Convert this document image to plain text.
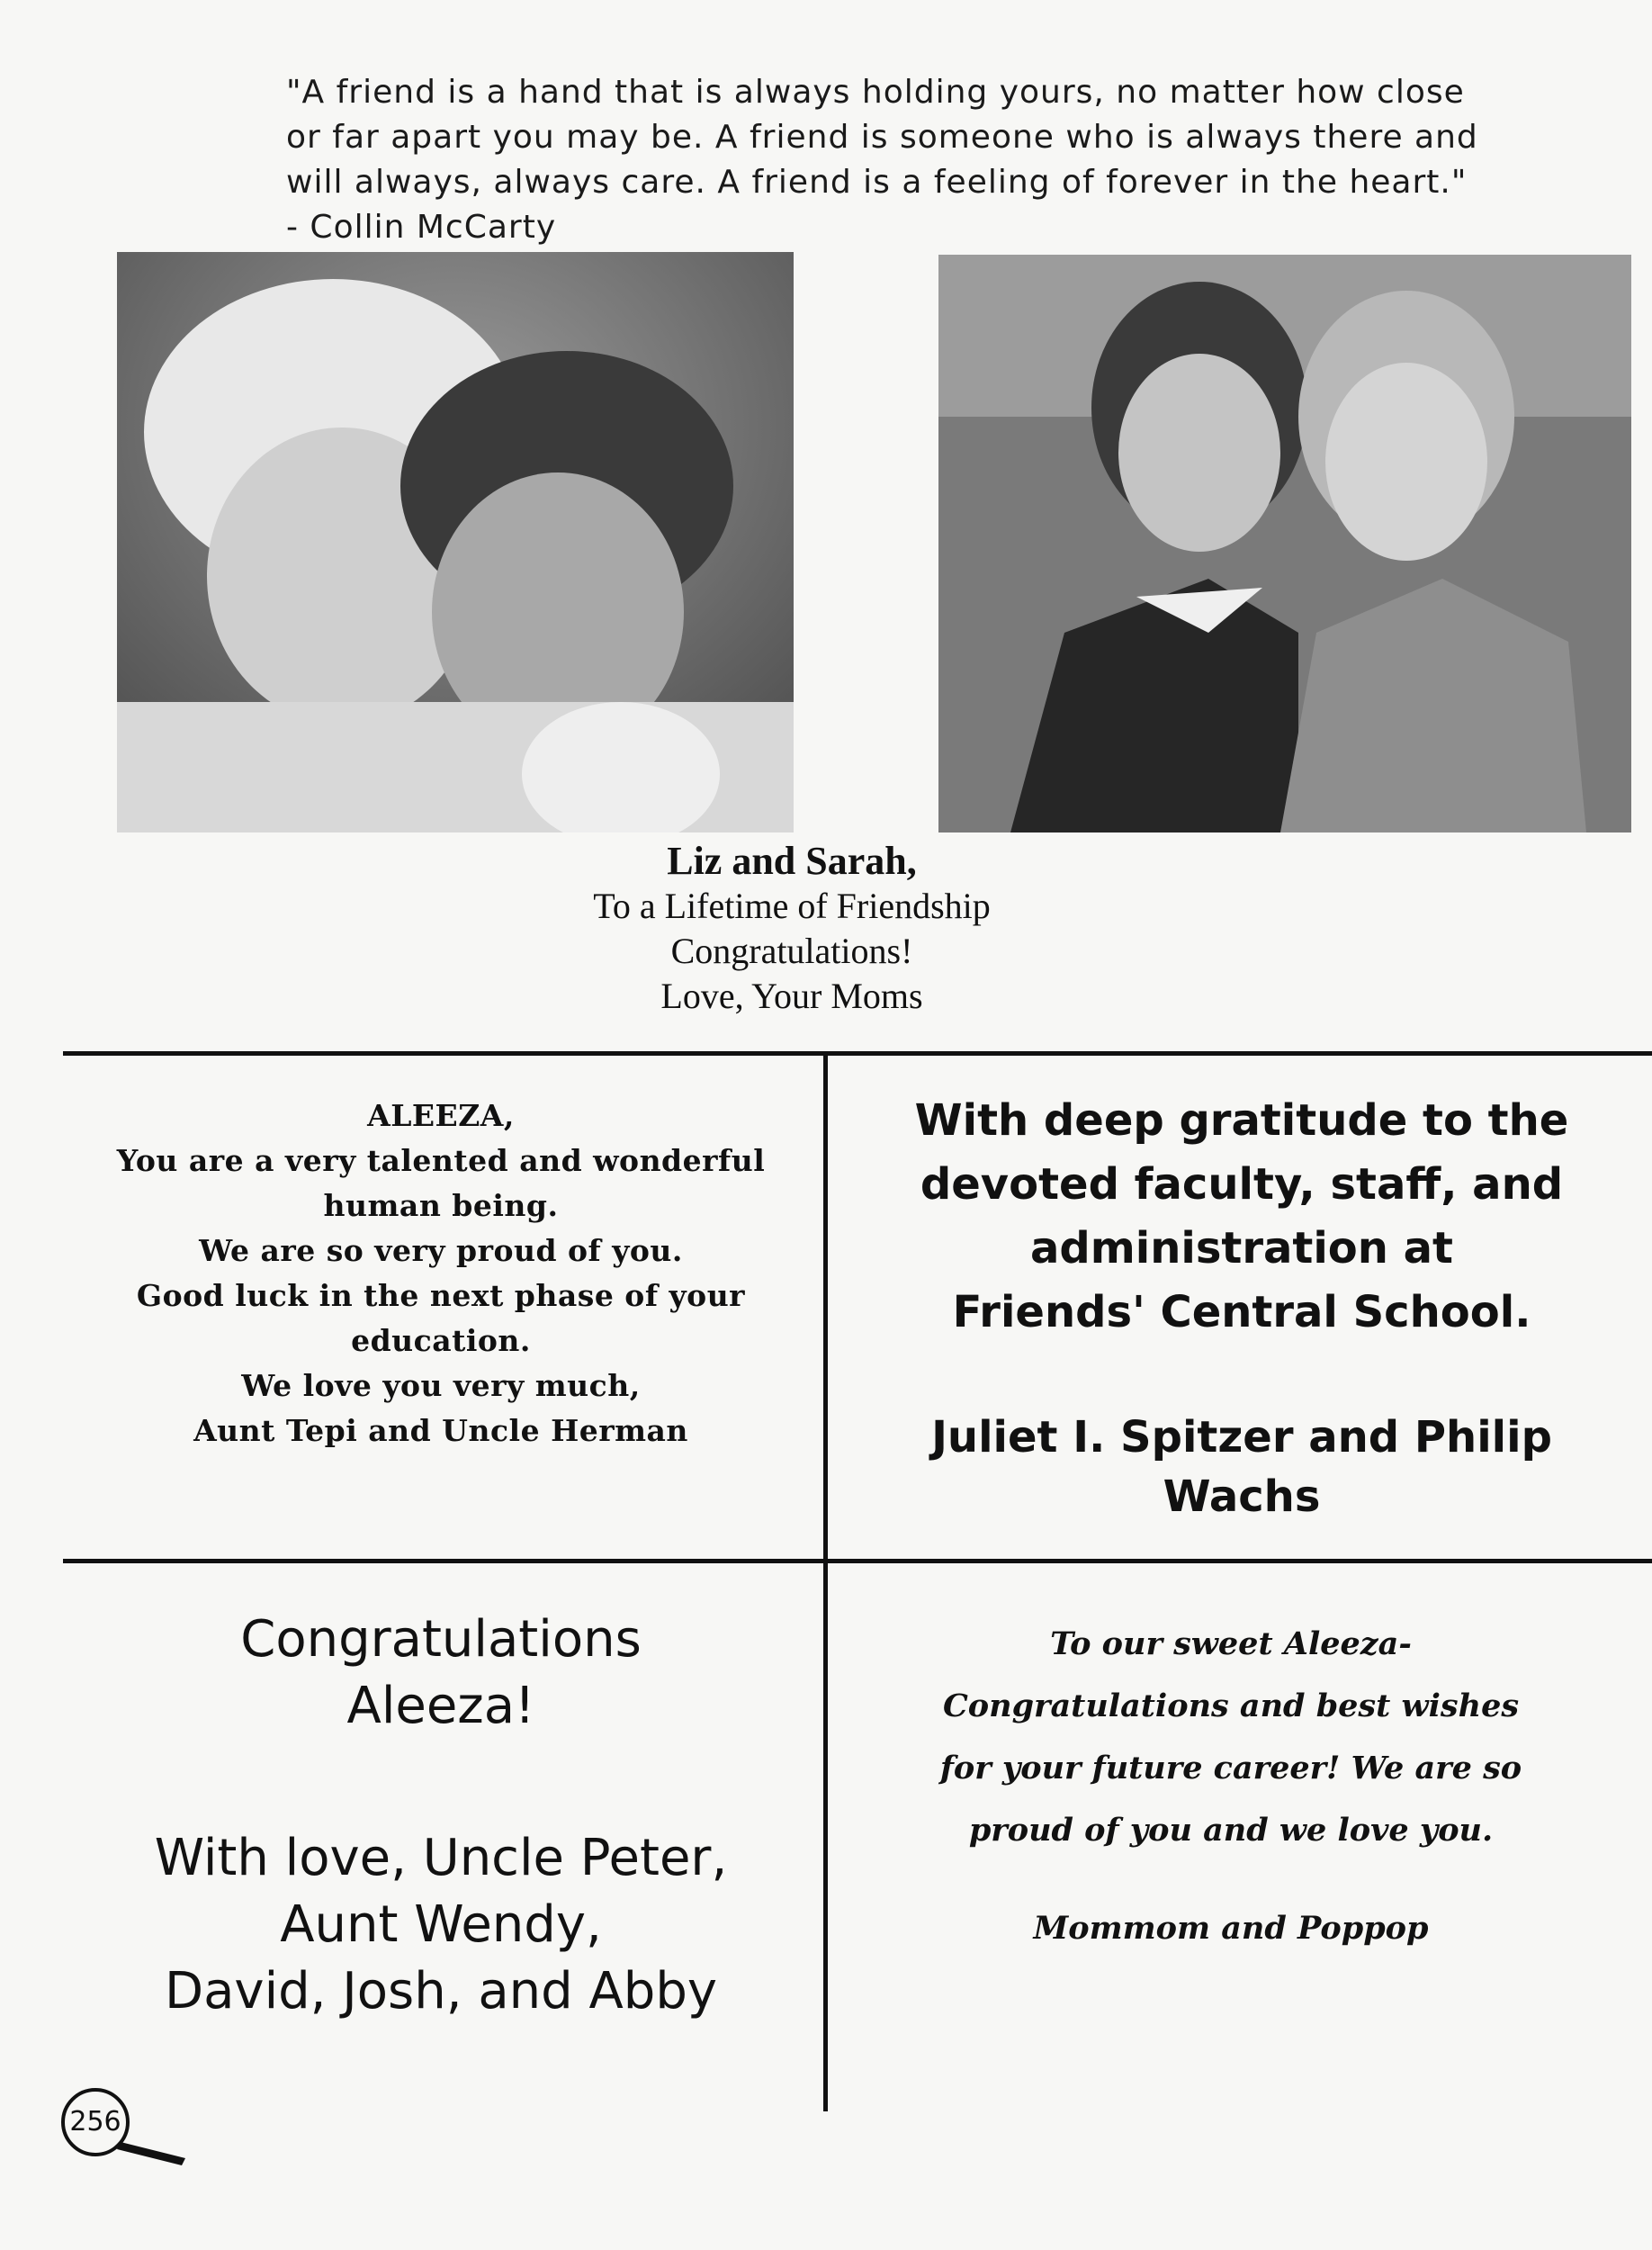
"A friend is a hand that is always holding yours, no matter how close
or far apart you may be. A friend is someone who is always there and
will always, always care. A friend is a feeling of forever in the heart."
- Collin McCarty
Liz and Sarah,
To a Lifetime of Friendship
Congratulations!
Love, Your Moms
ALEEZA,
You are a very talented and wonderful
human being.
We are so very proud of you.
Good luck in the next phase of your
education.
We love you very much,
Aunt Tepi and Uncle Herman
With deep gratitude to the
devoted faculty, staff, and
administration at
Friends' Central School.
Juliet I. Spitzer and Philip
Wachs
Congratulations
Aleeza!
With love, Uncle Peter,
Aunt Wendy,
David, Josh, and Abby
To our sweet Aleeza-
Congratulations and best wishes
for your future career! We are so
proud of you and we love you.
Mommom and Poppop
256
